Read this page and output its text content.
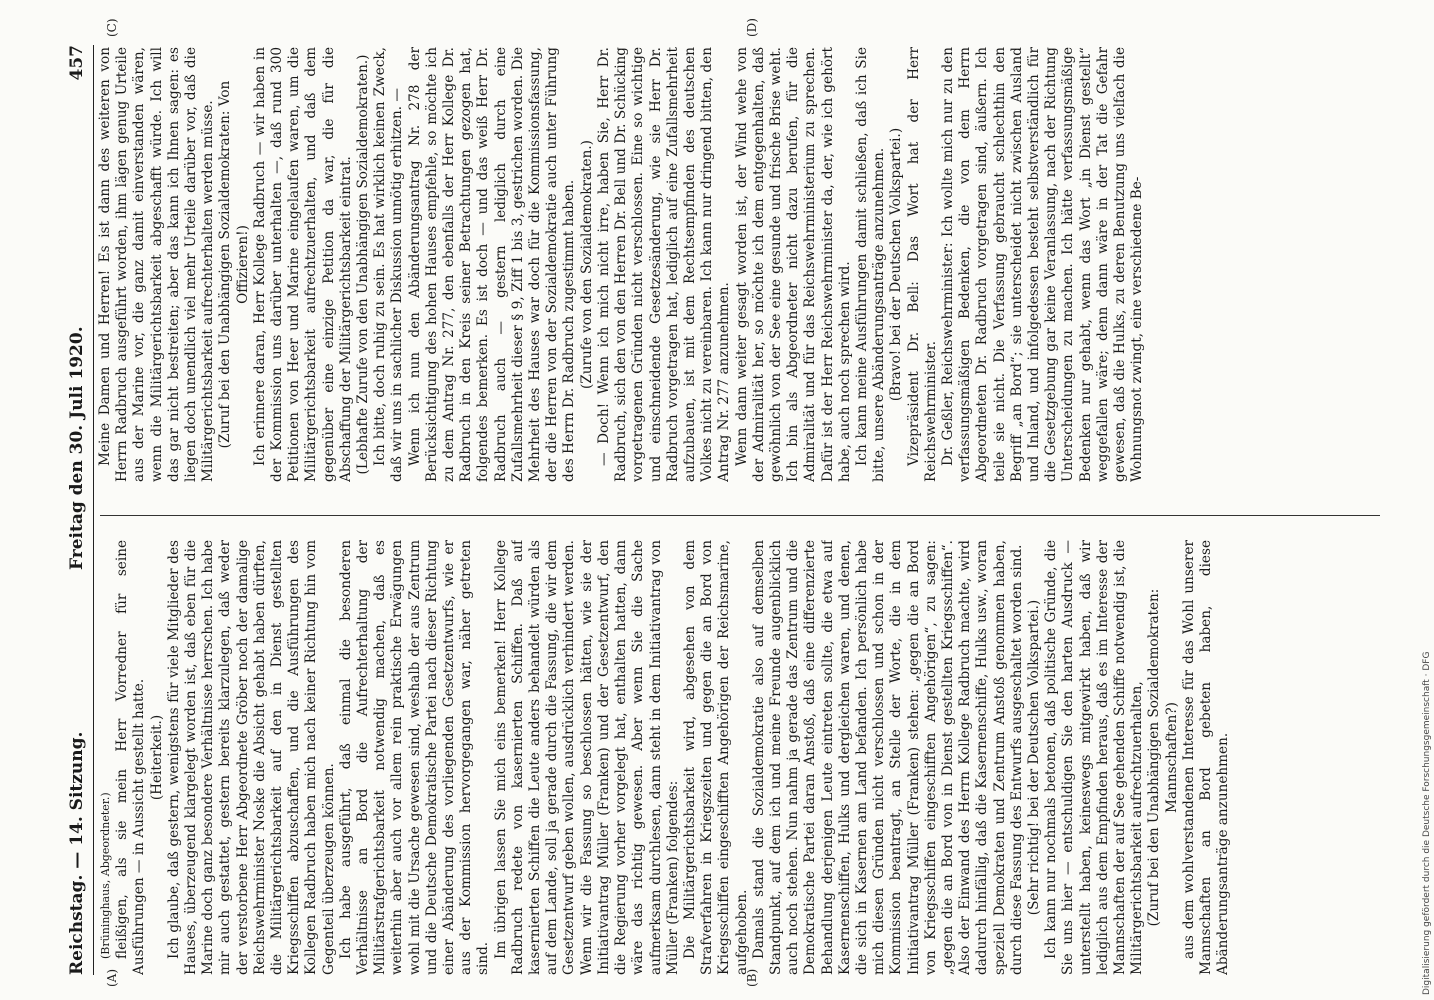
Reichstag. — 14. Sitzung.
Freitag den 30. Juli 1920.
457
(A)	(B)
(C)	(D)

(Brüninghaus, Abgeordneter.) fleißigen, als sie mein Herr Vorredner für seine Ausführungen — in Aussicht gestellt hatte. (Heiterkeit.) Ich glaube, daß gestern, wenigstens für viele Mitglieder des Hauses, überzeugend klargelegt worden ist, daß eben für die Marine doch ganz besondere Verhältnisse herrschen. Ich habe mir auch gestattet, gestern bereits klarzulegen, daß weder der verstorbene Herr Abgeordnete Gröber noch der damalige Reichswehrminister Noske die Absicht gehabt haben dürften, die Militärgerichtsbarkeit auf den in Dienst gestellten Kriegsschiffen abzuschaffen, und die Ausführungen des Kollegen Radbruch haben mich nach keiner Richtung hin vom Gegenteil überzeugen können. Ich habe ausgeführt, daß einmal die besonderen Verhältnisse an Bord die Aufrechterhaltung der Militärstrafgerichtsbarkeit notwendig machen, daß es weiterhin aber auch vor allem rein praktische Erwägungen wohl mit die Ursache gewesen sind, weshalb der aus Zentrum und die Deutsche Demokratische Partei nach dieser Richtung einer Abänderung des vorliegenden Gesetzentwurfs, wie er aus der Kommission hervorgegangen war, näher getreten sind. Im übrigen lassen Sie mich eins bemerken! Herr Kollege Radbruch redete von kasernierten Schiffen. Daß auf kasernierten Schiffen die Leute anders behandelt würden als auf dem Lande, soll ja gerade durch die Fassung, die wir dem Gesetzentwurf geben wollen, ausdrücklich verhindert werden. Wenn wir die Fassung so beschlossen hätten, wie sie der Initiativantrag Müller (Franken) und der Gesetzentwurf, den die Regierung vorher vorgelegt hat, enthalten hatten, dann wäre das richtig gewesen. Aber wenn Sie die Sache aufmerksam durchlesen, dann steht in dem Initiativantrag von Müller (Franken) folgendes: Die Militärgerichtsbarkeit wird, abgesehen von dem Strafverfahren in Kriegszeiten und gegen die an Bord von Kriegsschiffen eingeschifften Angehörigen der Reichsmarine, aufgehoben. Damals stand die Sozialdemokratie also auf demselben Standpunkt, auf dem ich und meine Freunde augenblicklich auch noch stehen. Nun nahm ja gerade das Zentrum und die Demokratische Partei daran Anstoß, daß eine differenzierte Behandlung derjenigen Leute eintreten sollte, die etwa auf Kasernenschiffen, Hulks und dergleichen waren, und denen, die sich in Kasernen am Land befanden. Ich persönlich habe mich diesen Gründen nicht verschlossen und schon in der Kommission beantragt, an Stelle der Worte, die in dem Initiativantrag Müller (Franken) stehen: „gegen die an Bord von Kriegsschiffen eingeschifften Angehörigen“, zu sagen: „gegen die an Bord von in Dienst gestellten Kriegsschiffen“. Also der Einwand des Herrn Kollege Radbruch machte, wird dadurch hinfällig, daß die Kasernenschiffe, Hulks usw., woran speziell Demokraten und Zentrum Anstoß genommen haben, durch diese Fassung des Entwurfs ausgeschaltet worden sind. (Sehr richtig! bei der Deutschen Volkspartei.) Ich kann nur nochmals betonen, daß politische Gründe, die Sie uns hier — entschuldigen Sie den harten Ausdruck — unterstellt haben, keineswegs mitgewirkt haben, daß wir lediglich aus dem Empfinden heraus, daß es im Interesse der Mannschaften der auf See gehenden Schiffe notwendig ist, die Militärgerichtsbarkeit aufrechtzuerhalten, (Zuruf bei den Unabhängigen Sozialdemokraten: Mannschaften?) aus dem wohlverstandenen Interesse für das Wohl unserer Mannschaften an Bord gebeten haben, diese Abänderungsanträge anzunehmen.

Meine Damen und Herren! Es ist dann des weiteren von Herrn Radbruch ausgeführt worden, ihm lägen genug Urteile aus der Marine vor, die ganz damit einverstanden wären, wenn die Militärgerichtsbarkeit abgeschafft würde. Ich will das gar nicht bestreiten; aber das kann ich Ihnen sagen: es liegen doch unendlich viel mehr Urteile darüber vor, daß die Militärgerichtsbarkeit aufrechterhalten werden müsse. (Zuruf bei den Unabhängigen Sozialdemokraten: Von Offizieren!) Ich erinnere daran, Herr Kollege Radbruch — wir haben in der Kommission uns darüber unterhalten —, daß rund 300 Petitionen von Heer und Marine eingelaufen waren, um die Militärgerichtsbarkeit aufrechtzuerhalten, und daß dem gegenüber eine einzige Petition da war, die für die Abschaffung der Militärgerichtsbarkeit eintrat. (Lebhafte Zurufe von den Unabhängigen Sozialdemokraten.) Ich bitte, doch ruhig zu sein. Es hat wirklich keinen Zweck, daß wir uns in sachlicher Diskussion unnötig erhitzen. — Wenn ich nun den Abänderungsantrag Nr. 278 der Berücksichtigung des hohen Hauses empfehle, so möchte ich zu dem Antrag Nr. 277, den ebenfalls der Herr Kollege Dr. Radbruch in den Kreis seiner Betrachtungen gezogen hat, folgendes bemerken. Es ist doch — und das weiß Herr Dr. Radbruch auch — gestern lediglich durch eine Zufallsmehrheit dieser § 9, Ziff 1 bis 3, gestrichen worden. Die Mehrheit des Hauses war doch für die Kommissionsfassung, der die Herren von der Sozialdemokratie auch unter Führung des Herrn Dr. Radbruch zugestimmt haben. (Zurufe von den Sozialdemokraten.) — Doch! Wenn ich mich nicht irre, haben Sie, Herr Dr. Radbruch, sich den von den Herren Dr. Bell und Dr. Schücking vorgetragenen Gründen nicht verschlossen. Eine so wichtige und einschneidende Gesetzesänderung, wie sie Herr Dr. Radbruch vorgetragen hat, lediglich auf eine Zufallsmehrheit aufzubauen, ist mit dem Rechtsempfinden des deutschen Volkes nicht zu vereinbaren. Ich kann nur dringend bitten, den Antrag Nr. 277 anzunehmen. Wenn dann weiter gesagt worden ist, der Wind wehe von der Admiralität her, so möchte ich dem entgegenhalten, daß gewöhnlich von der See eine gesunde und frische Brise weht. Ich bin als Abgeordneter nicht dazu berufen, für die Admiralität und für das Reichswehrministerium zu sprechen. Dafür ist der Herr Reichswehrminister da, der, wie ich gehört habe, auch noch sprechen wird. Ich kann meine Ausführungen damit schließen, daß ich Sie bitte, unsere Abänderungsanträge anzunehmen. (Bravo! bei der Deutschen Volkspartei.) Vizepräsident Dr. Bell: Das Wort hat der Herr Reichswehrminister. Dr. Geßler, Reichswehrminister: Ich wollte mich nur zu den verfassungsmäßigen Bedenken, die von dem Herrn Abgeordneten Dr. Radbruch vorgetragen sind, äußern. Ich teile sie nicht. Die Verfassung gebraucht schlechthin den Begriff „an Bord“; sie unterscheidet nicht zwischen Ausland und Inland, und infolgedessen besteht selbstverständlich für die Gesetzgebung gar keine Veranlassung, nach der Richtung Unterscheidungen zu machen. Ich hätte verfassungsmäßige Bedenken nur gehabt, wenn das Wort „in Dienst gestellt“ weggefallen wäre; denn dann wäre in der Tat die Gefahr gewesen, daß die Hulks, zu deren Benutzung uns vielfach die Wohnungsnot zwingt, eine verschiedene Be-

Digitalisierung gefördert durch die Deutsche Forschungsgemeinschaft · DFG
